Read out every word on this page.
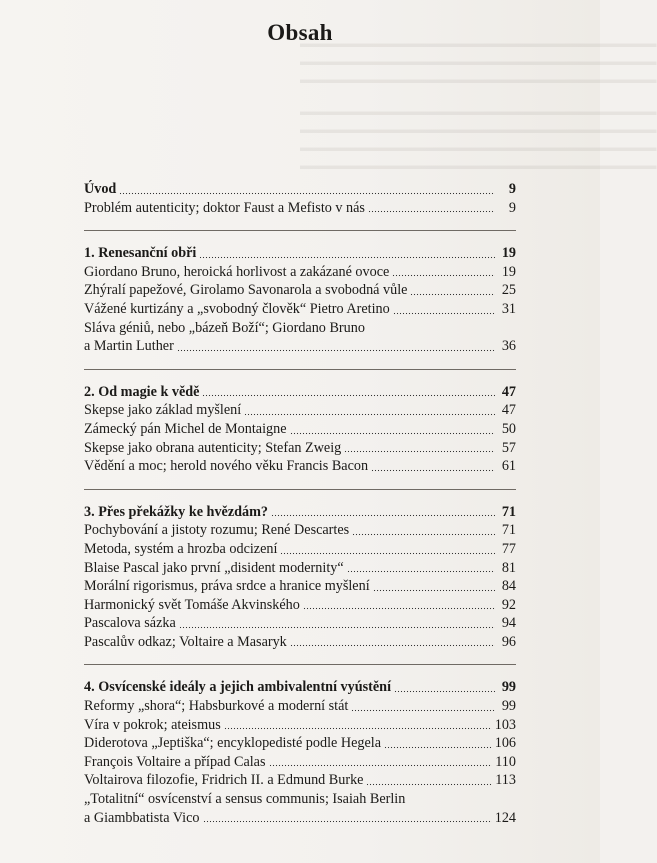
▬▬▬▬▬▬▬▬▬▬▬▬▬▬▬▬▬▬▬▬▬▬▬▬▬▬▬▬▬▬▬
▬▬▬▬▬▬▬▬▬▬▬▬▬▬▬▬▬▬▬▬▬▬▬▬▬▬▬▬▬▬▬
▬▬▬▬▬▬▬▬▬▬▬▬▬▬▬▬▬▬▬▬▬▬▬▬▬▬▬▬▬▬▬
▬▬▬▬▬▬▬▬▬▬▬▬▬▬▬▬▬▬▬▬▬▬▬▬▬▬▬▬▬▬▬
▬▬▬▬▬▬▬▬▬▬▬▬▬▬▬▬▬▬▬▬▬▬▬▬▬▬▬▬▬▬▬
▬▬▬▬▬▬▬▬▬▬▬▬▬▬▬▬▬▬▬▬▬▬▬▬▬▬▬▬▬▬▬
▬▬▬▬▬▬▬▬▬▬▬▬▬▬▬▬▬▬▬▬▬▬▬▬▬▬▬▬▬▬▬
Obsah
Úvod	9
Problém autenticity; doktor Faust a Mefisto v nás	9
1. Renesanční obři	19
Giordano Bruno, heroická horlivost a zakázané ovoce	19
Zhýralí papežové, Girolamo Savonarola a svobodná vůle	25
Vážené kurtizány a „svobodný člověk“ Pietro Aretino	31
Sláva géniů, nebo „bázeň Boží“; Giordano Bruno
a Martin Luther	36
2. Od magie k vědě	47
Skepse jako základ myšlení	47
Zámecký pán Michel de Montaigne	50
Skepse jako obrana autenticity; Stefan Zweig	57
Vědění a moc; herold nového věku Francis Bacon	61
3. Přes překážky ke hvězdám?	71
Pochybování a jistoty rozumu; René Descartes	71
Metoda, systém a hrozba odcizení	77
Blaise Pascal jako první „disident modernity“	81
Morální rigorismus, práva srdce a hranice myšlení	84
Harmonický svět Tomáše Akvinského	92
Pascalova sázka	94
Pascalův odkaz; Voltaire a Masaryk	96
4. Osvícenské ideály a jejich ambivalentní vyústění	99
Reformy „shora“; Habsburkové a moderní stát	99
Víra v pokrok; ateismus	103
Diderotova „Jeptiška“; encyklopedisté podle Hegela	106
François Voltaire a případ Calas	110
Voltairova filozofie, Fridrich II. a Edmund Burke	113
„Totalitní“ osvícenství a sensus communis; Isaiah Berlin
a Giambbatista Vico	124
